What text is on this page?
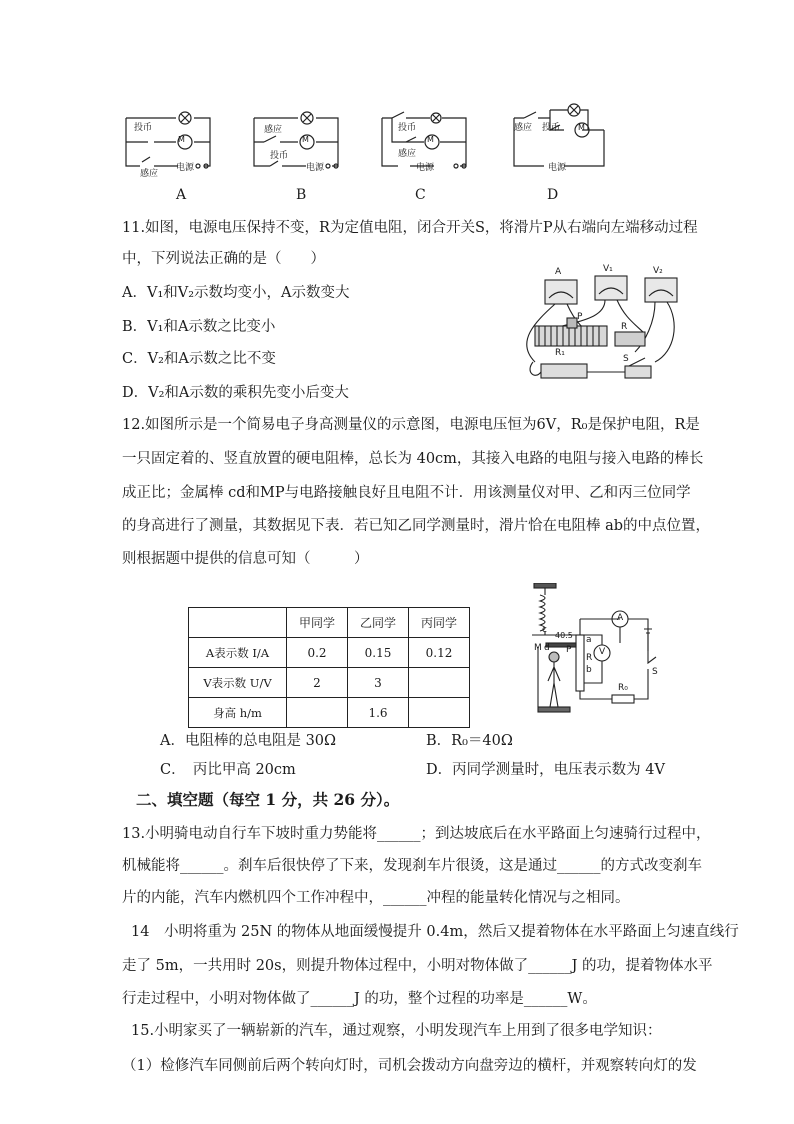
投币
感应
电源
M
A
感应
投币
电源
M
B
投币
感应
电源
M
C
感应 投币
电源
M
D
11.如图，电源电压保持不变，R为定值电阻，闭合开关S，将滑片P从右端向左端移动过程
中，下列说法正确的是（　　）
A．V₁和V₂示数均变小，A示数变大
B．V₁和A示数之比变小
C．V₂和A示数之比不变
D．V₂和A示数的乘积先变小后变大
A	V₁	V₂
P
R
R₁
S
12.如图所示是一个简易电子身高测量仪的示意图，电源电压恒为6V，R₀是保护电阻，R是
一只固定着的、竖直放置的硬电阻棒，总长为 40cm，其接入电路的电阻与接入电路的棒长
成正比；金属棒 cd和MP与电路接触良好且电阻不计．用该测量仪对甲、乙和丙三位同学
的身高进行了测量，其数据见下表．若已知乙同学测量时，滑片恰在电阻棒 ab的中点位置，
则根据题中提供的信息可知（　　　）
	甲同学	乙同学	丙同学
A表示数 I/A	0.2	0.15	0.12
V表示数 U/V	2	3	
身高 h/m		1.6	
c
40.5 a
M d P
R
b
A
V
S
R₀
A．电阻棒的总电阻是 30Ω	B．R₀＝40Ω
C．　丙比甲高 20cm	D．丙同学测量时，电压表示数为 4V
二、填空题（每空 1 分，共 26 分）。
13.小明骑电动自行车下坡时重力势能将______；到达坡底后在水平路面上匀速骑行过程中，
机械能将______。刹车后很快停了下来，发现刹车片很烫，这是通过______的方式改变刹车
片的内能，汽车内燃机四个工作冲程中，______冲程的能量转化情况与之相同。
14　小明将重为 25N 的物体从地面缓慢提升 0.4m，然后又提着物体在水平路面上匀速直线行
走了 5m，一共用时 20s，则提升物体过程中，小明对物体做了______J 的功，提着物体水平
行走过程中，小明对物体做了______J 的功，整个过程的功率是______W。
15.小明家买了一辆崭新的汽车，通过观察，小明发现汽车上用到了很多电学知识：
（1）检修汽车同侧前后两个转向灯时，司机会拨动方向盘旁边的横杆，并观察转向灯的发
